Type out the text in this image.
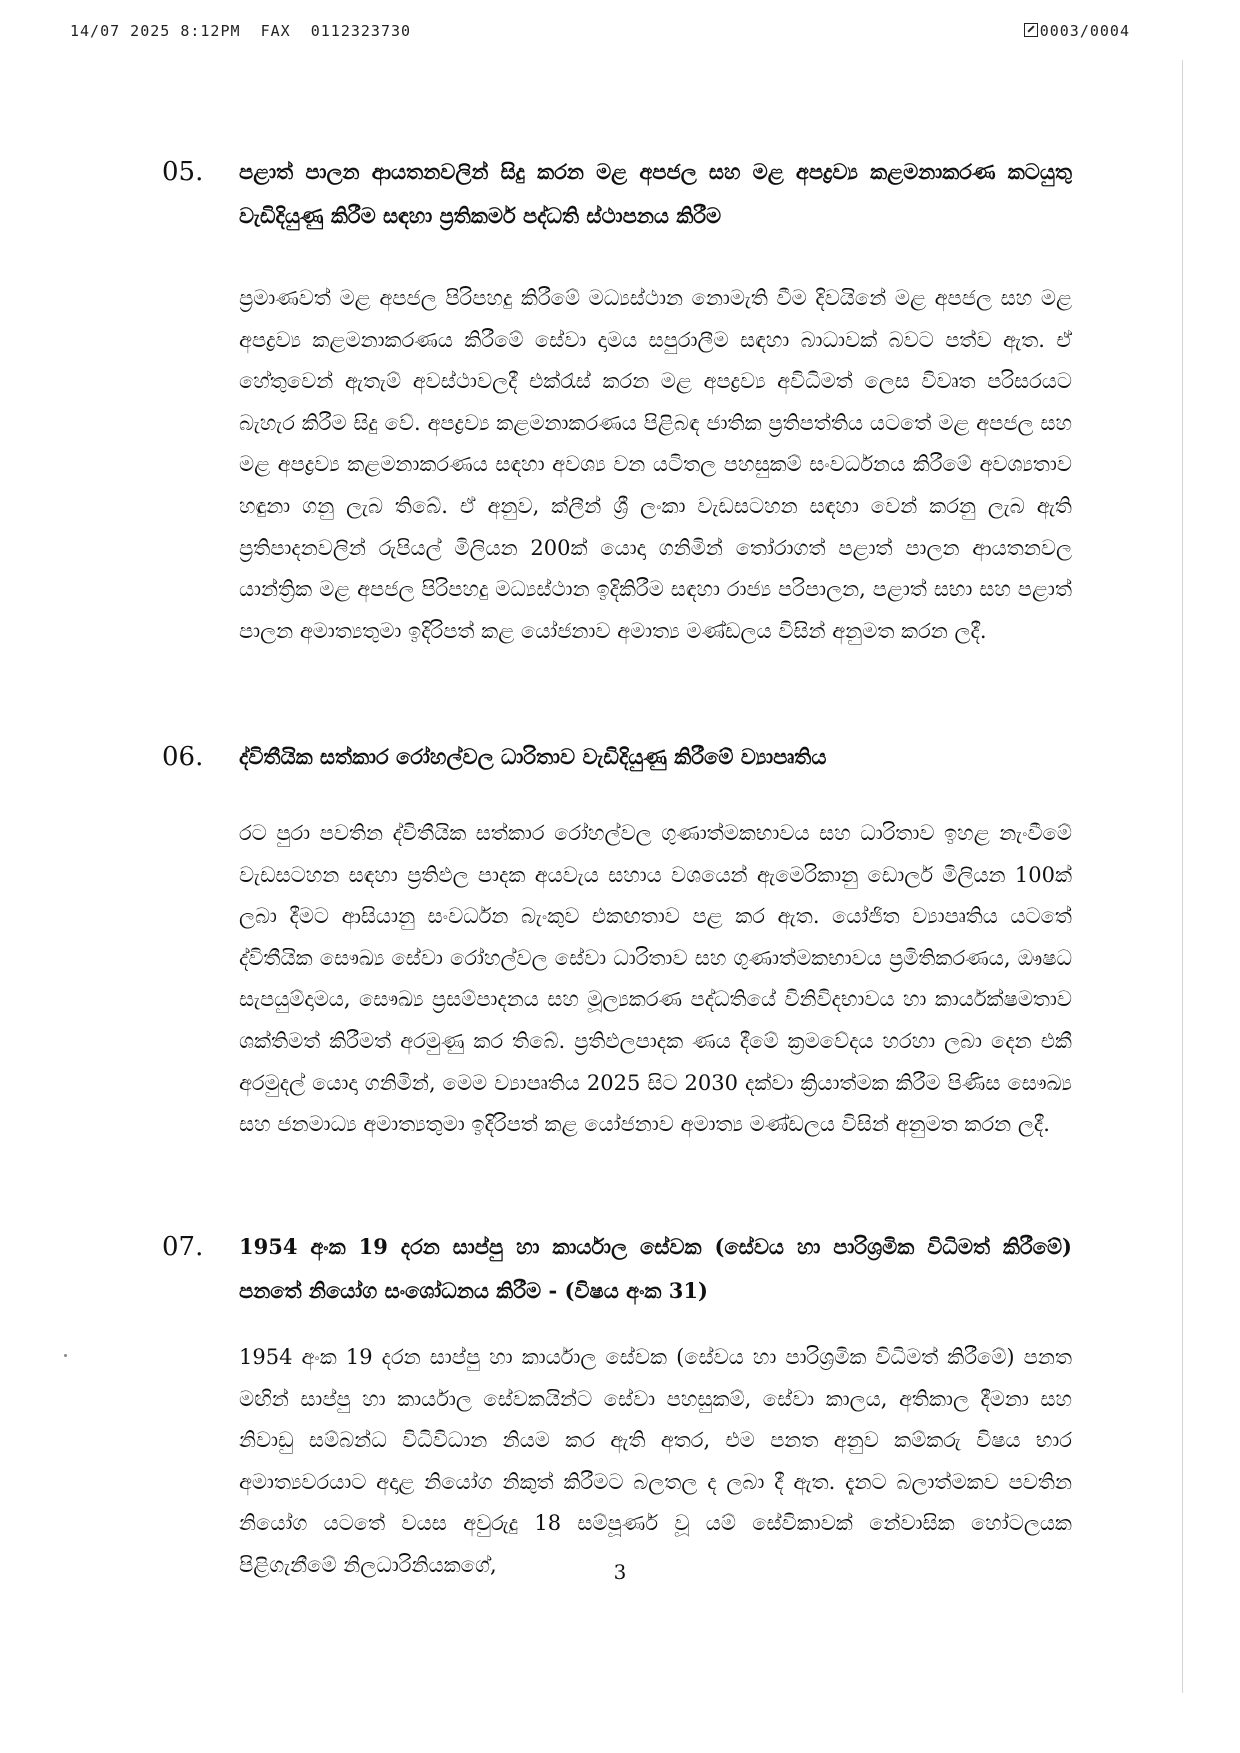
14/07 2025 8:12PM FAX 0112323730	0003/0004
05. පළාත් පාලන ආයතනවලින් සිදු කරන මළ අපජල සහ මළ අපද්‍රව්‍ය කළමනාකරණ කටයුතු වැඩිදියුණු කිරීම සඳහා ප්‍රතිකර්ම පද්ධති ස්ථාපනය කිරීම
ප්‍රමාණවත් මළ අපජල පිරිපහදු කිරීමේ මධ්‍යස්ථාන නොමැති වීම දිවයිනේ මළ අපජල සහ මළ අපද්‍රව්‍ය කළමනාකරණය කිරීමේ සේවා දාමය සපුරාලීම සඳහා බාධාවක් බවට පත්ව ඇත. ඒ හේතුවෙන් ඇතැම් අවස්ථාවලදී එක්රැස් කරන මළ අපද්‍රව්‍ය අවිධිමත් ලෙස විවෘත පරිසරයට බැහැර කිරීම සිදු වේ. අපද්‍රව්‍ය කළමනාකරණය පිළිබඳ ජාතික ප්‍රතිපත්තිය යටතේ මළ අපජල සහ මළ අපද්‍රව්‍ය කළමනාකරණය සඳහා අවශ්‍ය වන යටිතල පහසුකම් සංවර්ධනය කිරීමේ අවශ්‍යතාව හඳුනා ගනු ලැබ තිබේ. ඒ අනුව, ක්ලීන් ශ්‍රී ලංකා වැඩසටහන සඳහා වෙන් කරනු ලැබ ඇති ප්‍රතිපාදනවලින් රුපියල් මිලියන 200ක් යොදා ගනිමින් තෝරාගත් පළාත් පාලන ආයතනවල යාන්ත්‍රික මළ අපජල පිරිපහදු මධ්‍යස්ථාන ඉදිකිරීම සඳහා රාජ්‍ය පරිපාලන, පළාත් සභා සහ පළාත් පාලන අමාත්‍යතුමා ඉදිරිපත් කළ යෝජනාව අමාත්‍ය මණ්ඩලය විසින් අනුමත කරන ලදී.
06. ද්විතීයික සත්කාර රෝහල්වල ධාරිතාව වැඩිදියුණු කිරීමේ ව්‍යාපෘතිය
රට පුරා පවතින ද්විතීයික සත්කාර රෝහල්වල ගුණාත්මකභාවය සහ ධාරිතාව ඉහළ නැංවීමේ වැඩසටහන සඳහා ප්‍රතිඵල පාදක අයවැය සහාය වශයෙන් ඇමෙරිකානු ඩොලර් මිලියන 100ක් ලබා දීමට ආසියානු සංවර්ධන බැංකුව එකඟතාව පළ කර ඇත. යෝජිත ව්‍යාපෘතිය යටතේ ද්විතීයික සෞඛ්‍ය සේවා රෝහල්වල සේවා ධාරිතාව සහ ගුණාත්මකභාවය ප්‍රමිතිකරණය, ඖෂධ සැපයුම්දාමය, සෞඛ්‍ය ප්‍රසම්පාදනය සහ මූල්‍යකරණ පද්ධතියේ විනිවිදභාවය හා කාර්යක්ෂමතාව ශක්තිමත් කිරීමත් අරමුණු කර තිබේ. ප්‍රතිඵලපාදක ණය දීමේ ක්‍රමවේදය හරහා ලබා දෙන එකී අරමුදල් යොදා ගනිමින්, මෙම ව්‍යාපෘතිය 2025 සිට 2030 දක්වා ක්‍රියාත්මක කිරීම පිණිස සෞඛ්‍ය සහ ජනමාධ්‍ය අමාත්‍යතුමා ඉදිරිපත් කළ යෝජනාව අමාත්‍ය මණ්ඩලය විසින් අනුමත කරන ලදී.
07. 1954 අංක 19 දරන සාප්පු හා කාර්යාල සේවක (සේවය හා පාරිශ්‍රමික විධිමත් කිරීමේ) පනතේ නියෝග සංශෝධනය කිරීම - (විෂය අංක 31)
1954 අංක 19 දරන සාප්පු හා කාර්යාල සේවක (සේවය හා පාරිශ්‍රමික විධිමත් කිරීමේ) පනත මඟින් සාප්පු හා කාර්යාල සේවකයින්ට සේවා පහසුකම්, සේවා කාලය, අතිකාල දීමනා සහ නිවාඩු සම්බන්ධ විධිවිධාන නියම කර ඇති අතර, එම පනත අනුව කම්කරු විෂය භාර අමාත්‍යවරයාට අදාළ නියෝග නිකුත් කිරීමට බලතල ද ලබා දී ඇත. දැනට බලාත්මකව පවතින නියෝග යටතේ වයස අවුරුදු 18 සම්පූර්ණ වූ යම් සේවිකාවක් නේවාසික හෝටලයක පිළිගැනීමේ නිලධාරිනියකගේ,	3
